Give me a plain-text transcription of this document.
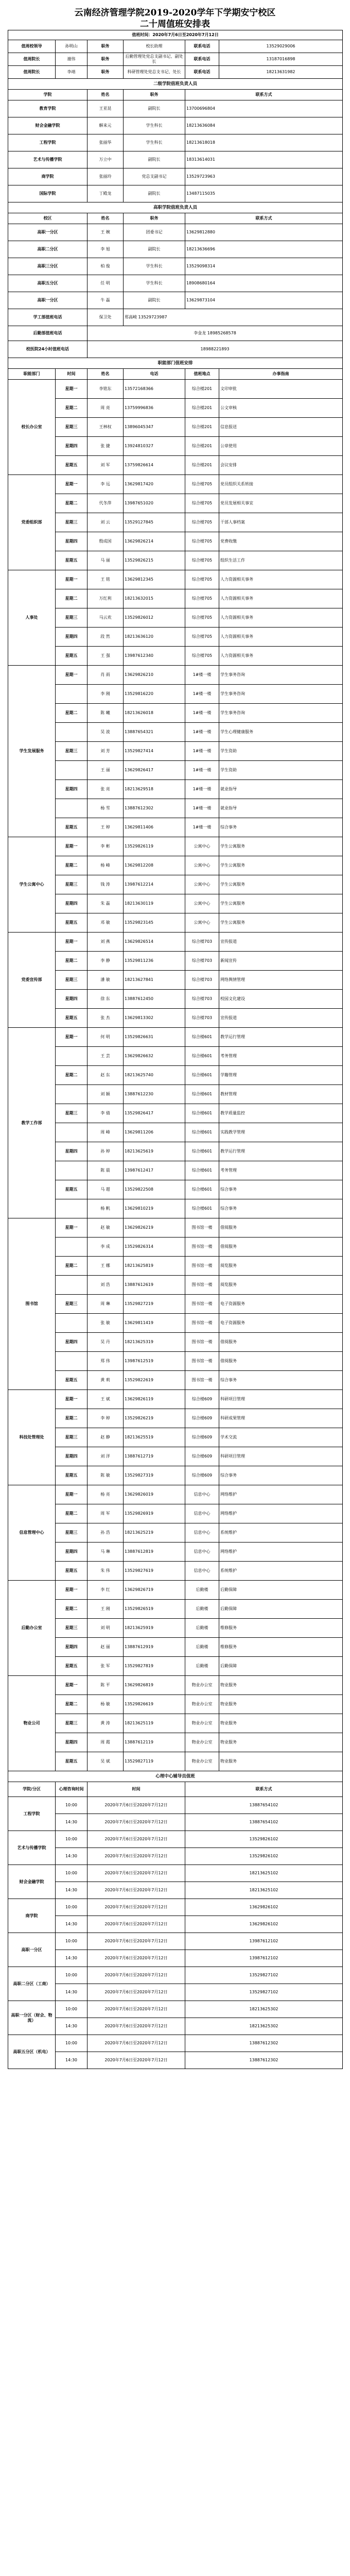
云南经济管理学院2019-2020学年下学期安宁校区
二十周值班安排表
值班时间：2020年7月6日至2020年7月12日					
值周校领导	孙明山	职务	校长助理	联系电话	13529029006
值周院长	谢伟	职务	后勤管理处党总支副书记、副处长	联系电话	13187016898
值周院长	李靖	职务	科研管理处党总支书记、处长	联系电话	18213631982
二级学院值班负责人员					
学院		姓名	职务	联系方式	
教育学院		王亚昆	副院长	13700696804	
财会金融学院		解来元	学生科长	18213636084	
工程学院		张丽华	学生科长	18213618018	
艺术与传播学院		万立中	副院长	18313614031	
商学院		张丽玲	党总支副书记	13529723963	
国际学院		丁殿龙	副院长	13487115035	
高职学院值班负责人员					
校区		姓名	职务	联系方式	
高职一分区		王 婉	团委书记	13629812880	
高职二分区		李 旭	副院长	18213636696	
高职三分区		柏 俊	学生科长	13529098314	
高职五分区		任 明	学生科长	18908680164	
高职一分区		牛 磊	副院长	13629873104	
学工部值班电话		保卫处	郑高峻 13529723987		
后勤部值班电话		李金龙 18985268578			
校医院24小时值班电话		18988221893			
职能部门值班安排					
职能部门	时间	姓名	电话	值班地点	办事指南
校长办公室	星期一	李铭东	13572168366	综合楼201	文印审批
	星期二	周 亮	13759996836	综合楼201	公文审核
	星期三	王林权	13896045347	综合楼201	信息报送
	星期四	张 捷	13924810327	综合楼201	公章使用
	星期五	刘 军	13759826614	综合楼201	会议安排
党委组织部	星期一	李 远	13629817420	综合楼705	党员组织关系转接
	星期二	代冬萍	13987651020	综合楼705	党员发展相关事宜
	星期三	刘 云	13529127845	综合楼705	干部人事档案
	星期四	殷成国	13629826214	综合楼705	党费收缴
	星期五	马 丽	13529826215	综合楼705	组织生活工作
人事处	星期一	王 铭	13629812345	综合楼705	人力资源相关事务
	星期二	万红利	18213632015	综合楼705	人力资源相关事务
	星期三	马云欢	13529826012	综合楼705	人力资源相关事务
	星期四	段 然	18213636120	综合楼705	人力资源相关事务
	星期五	王 强	13987612340	综合楼705	人力资源相关事务
学生发展服务	星期一	肖 雨	13629826210	1#楼一楼	学生事务咨询
		李 刚	13529816220	1#楼一楼	学生事务咨询
	星期二	陈 曦	18213626018	1#楼一楼	学生事务咨询
		吴 波	13887654321	1#楼一楼	学生心理健康服务
	星期三	刘 芳	13529827414	1#楼一楼	学生资助
		王 丽	13629826417	1#楼一楼	学生资助
	星期四	张 亮	18213629518	1#楼一楼	就业指导
		杨 雪	13887612302	1#楼一楼	就业指导
	星期五	王 婷	13629811406	1#楼一楼	综合事务
学生公寓中心	星期一	李 彬	13529826119	公寓中心	学生公寓服务
	星期二	杨 峰	13629812208	公寓中心	学生公寓服务
	星期三	钱 涛	13987612214	公寓中心	学生公寓服务
	星期四	朱 磊	18213630119	公寓中心	学生公寓服务
	星期五	邓 敏	13529823145	公寓中心	学生公寓服务
党委宣传部	星期一	刘 燕	13629826514	综合楼703	宣传报道
	星期二	李 静	13529811236	综合楼703	新闻宣传
	星期三	潘 敏	18213627841	综合楼703	网络舆情管理
	星期四	徐 东	13887612450	综合楼703	校园文化建设
	星期五	张 杰	13629813302	综合楼703	宣传报道
教学工作部	星期一	何 明	13529826631	综合楼601	教学运行管理
		王 芸	13629826632	综合楼601	考务管理
	星期二	赵 东	18213625740	综合楼601	学籍管理
		刘 颖	13887612230	综合楼601	教材管理
	星期三	李 倩	13529826417	综合楼601	教学质量监控
		周 峰	13629811206	综合楼601	实践教学管理
	星期四	孙 婷	18213625619	综合楼601	教学运行管理
		陈 晨	13987612417	综合楼601	考务管理
	星期五	马 超	13529822508	综合楼601	综合事务
		杨 帆	13629810219	综合楼601	综合事务
图书馆	星期一	赵 敏	13629826219	图书馆一楼	借阅服务
		李 成	13529826314	图书馆一楼	借阅服务
	星期二	王 娜	18213625819	图书馆一楼	阅览服务
		刘 浩	13887612619	图书馆一楼	阅览服务
	星期三	周 琳	13529827219	图书馆一楼	电子资源服务
		张 敏	13629811419	图书馆一楼	电子资源服务
	星期四	吴 丹	18213625319	图书馆一楼	借阅服务
		郑 伟	13987612519	图书馆一楼	借阅服务
	星期五	黄 莉	13529822619	图书馆一楼	综合事务
科技处管理处	星期一	王 斌	13629826119	综合楼609	科研项目管理
	星期二	李 婷	13529826219	综合楼609	科研成果管理
	星期三	赵 静	18213625519	综合楼609	学术交流
	星期四	刘 洋	13887612719	综合楼609	科研项目管理
	星期五	陈 敏	13529827319	综合楼609	综合事务
信息管理中心	星期一	杨 亮	13629826019	信息中心	网络维护
	星期二	周 军	13529826919	信息中心	网络维护
	星期三	孙 浩	18213625219	信息中心	系统维护
	星期四	马 琳	13887612819	信息中心	网络维护
	星期五	朱 伟	13529827619	信息中心	系统维护
后勤办公室	星期一	李 红	13629826719	后勤楼	后勤保障
	星期二	王 刚	13529826519	后勤楼	后勤保障
	星期三	刘 明	18213625919	后勤楼	维修服务
	星期四	赵 丽	13887612919	后勤楼	维修服务
	星期五	张 军	13529827819	后勤楼	后勤保障
物业公司	星期一	陈 平	13629826819	物业办公室	物业服务
	星期二	杨 敏	13529826619	物业办公室	物业服务
	星期三	黄 涛	18213625119	物业办公室	物业服务
	星期四	周 霞	13887612119	物业办公室	物业服务
	星期五	吴 斌	13529827119	物业办公室	物业服务
心理中心辅导员值班					
学院/分区	心理咨询时间	时间		联系方式	
工程学院	10:00	2020年7月6日至2020年7月12日		13887654102	
	14:30	2020年7月6日至2020年7月12日		13887654102	
艺术与传播学院	10:00	2020年7月6日至2020年7月12日		13529826102	
	14:30	2020年7月6日至2020年7月12日		13529826102	
财会金融学院	10:00	2020年7月6日至2020年7月12日		18213625102	
	14:30	2020年7月6日至2020年7月12日		18213625102	
商学院	10:00	2020年7月6日至2020年7月12日		13629826102	
	14:30	2020年7月6日至2020年7月12日		13629826102	
高职一分区	10:00	2020年7月6日至2020年7月12日		13987612102	
	14:30	2020年7月6日至2020年7月12日		13987612102	
高职二分区（工商）	10:00	2020年7月6日至2020年7月12日		13529827102	
	14:30	2020年7月6日至2020年7月12日		13529827102	
高职一分区（财会、物流）	10:00	2020年7月6日至2020年7月12日		18213625302	
	14:30	2020年7月6日至2020年7月12日		18213625302	
高职五分区（机电）	10:00	2020年7月6日至2020年7月12日		13887612302	
	14:30	2020年7月6日至2020年7月12日		13887612302	
